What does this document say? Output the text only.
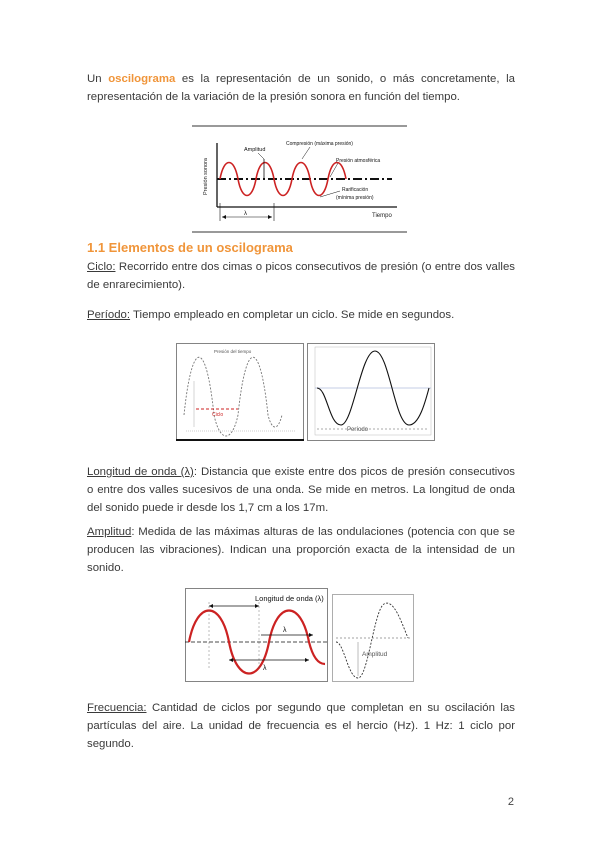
Un oscilograma es la representación de un sonido, o más concretamente, la representación de la variación de la presión sonora en función del tiempo.

Presión sonora
Tiempo
Amplitud
Compresión (máxima presión)
Presión atmosférica
Rarificación
(mínima presión)
λ
1.1 Elementos de un oscilograma

Ciclo: Recorrido entre dos cimas o picos consecutivos de presión (o entre dos valles de enrarecimiento).

Período: Tiempo empleado en completar un ciclo. Se mide en segundos.

Presión del tiempo
Ciclo
Período

Longitud de onda (λ): Distancia que existe entre dos picos de presión consecutivos o entre dos valles sucesivos de una onda. Se mide en metros. La longitud de onda del sonido puede ir desde los 1,7 cm a los 17m.

Amplitud: Medida de las máximas alturas de las ondulaciones (potencia con que se producen las vibraciones). Indican una proporción exacta de la intensidad de un sonido.

Longitud de onda (λ)
λ
λ
Amplitud

Frecuencia: Cantidad de ciclos por segundo que completan en su oscilación las partículas del aire. La unidad de frecuencia es el hercio (Hz). 1 Hz: 1 ciclo por segundo.

2
